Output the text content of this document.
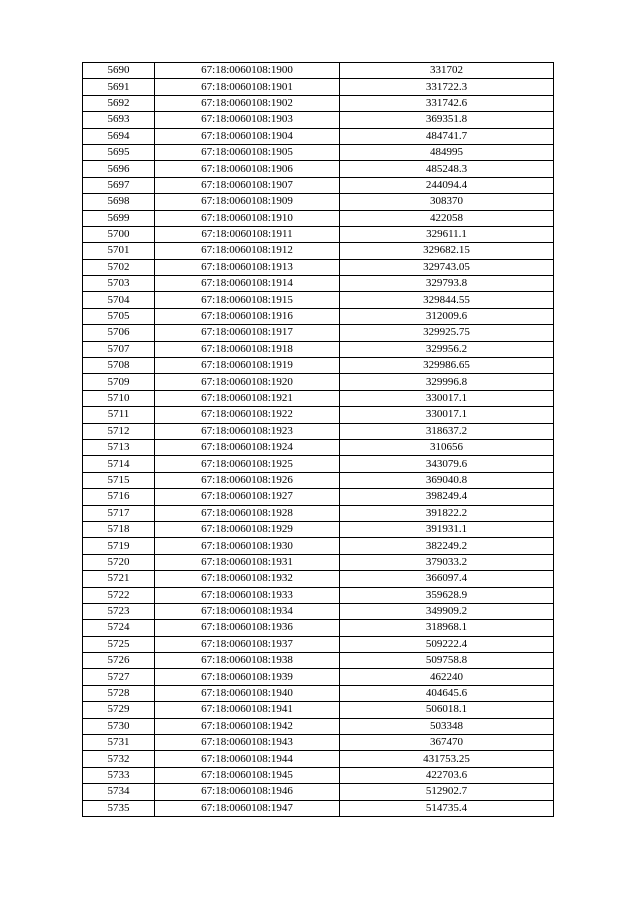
5690	67:18:0060108:1900	331702
5691	67:18:0060108:1901	331722.3
5692	67:18:0060108:1902	331742.6
5693	67:18:0060108:1903	369351.8
5694	67:18:0060108:1904	484741.7
5695	67:18:0060108:1905	484995
5696	67:18:0060108:1906	485248.3
5697	67:18:0060108:1907	244094.4
5698	67:18:0060108:1909	308370
5699	67:18:0060108:1910	422058
5700	67:18:0060108:1911	329611.1
5701	67:18:0060108:1912	329682.15
5702	67:18:0060108:1913	329743.05
5703	67:18:0060108:1914	329793.8
5704	67:18:0060108:1915	329844.55
5705	67:18:0060108:1916	312009.6
5706	67:18:0060108:1917	329925.75
5707	67:18:0060108:1918	329956.2
5708	67:18:0060108:1919	329986.65
5709	67:18:0060108:1920	329996.8
5710	67:18:0060108:1921	330017.1
5711	67:18:0060108:1922	330017.1
5712	67:18:0060108:1923	318637.2
5713	67:18:0060108:1924	310656
5714	67:18:0060108:1925	343079.6
5715	67:18:0060108:1926	369040.8
5716	67:18:0060108:1927	398249.4
5717	67:18:0060108:1928	391822.2
5718	67:18:0060108:1929	391931.1
5719	67:18:0060108:1930	382249.2
5720	67:18:0060108:1931	379033.2
5721	67:18:0060108:1932	366097.4
5722	67:18:0060108:1933	359628.9
5723	67:18:0060108:1934	349909.2
5724	67:18:0060108:1936	318968.1
5725	67:18:0060108:1937	509222.4
5726	67:18:0060108:1938	509758.8
5727	67:18:0060108:1939	462240
5728	67:18:0060108:1940	404645.6
5729	67:18:0060108:1941	506018.1
5730	67:18:0060108:1942	503348
5731	67:18:0060108:1943	367470
5732	67:18:0060108:1944	431753.25
5733	67:18:0060108:1945	422703.6
5734	67:18:0060108:1946	512902.7
5735	67:18:0060108:1947	514735.4
